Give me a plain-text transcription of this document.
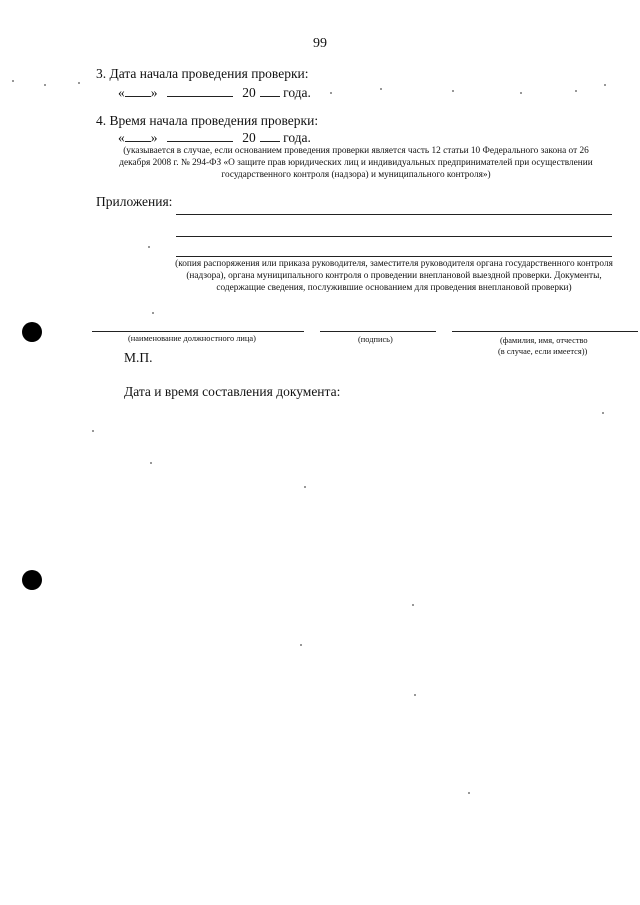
99
3. Дата начала проведения проверки:
« »	20 года.
4. Время начала проведения проверки:
« »	20 года.
(указывается в случае, если основанием проведения проверки является часть 12 статьи 10 Федерального закона от 26 декабря 2008 г. № 294-ФЗ «О защите прав юридических лиц и индивидуальных предпринимателей при осуществлении государственного контроля (надзора) и муниципального контроля»)
Приложения:
(копия распоряжения или приказа руководителя, заместителя руководителя органа государственного контроля (надзора), органа муниципального контроля о проведении внеплановой выездной проверки. Документы, содержащие сведения, послужившие основанием для проведения внеплановой проверки)
(наименование должностного лица)	(подпись)	(фамилия, имя, отчество
(в случае, если имеется))
М.П.
Дата и время составления документа:
